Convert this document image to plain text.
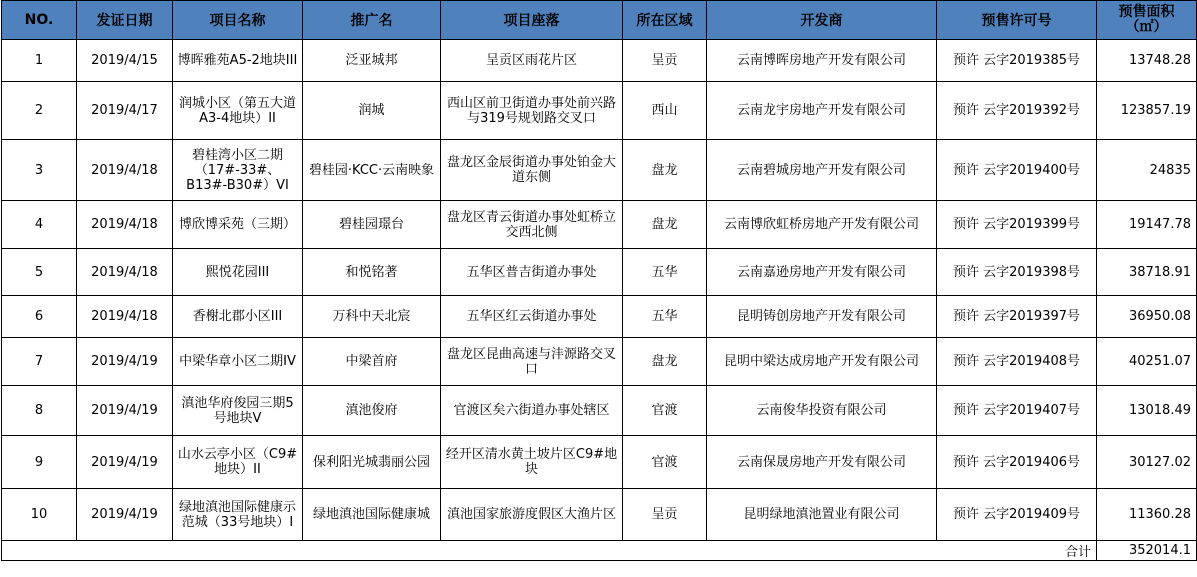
NO.	发证日期	项目名称	推广名	项目座落	所在区域	开发商	预售许可号	预售面积
（㎡）
1	2019/4/15	博晖雅苑A5-2地块III	泛亚城邦	呈贡区雨花片区	呈贡	云南博晖房地产开发有限公司	预许 云字2019385号	13748.28
2	2019/4/17	润城小区（第五大道A3-4地块）II	润城	西山区前卫街道办事处前兴路与319号规划路交叉口	西山	云南龙宇房地产开发有限公司	预许 云字2019392号	123857.19
3	2019/4/18	碧桂湾小区二期（17#-33#、B13#-B30#）VI	碧桂园·KCC·云南映象	盘龙区金辰街道办事处铂金大道东侧	盘龙	云南碧城房地产开发有限公司	预许 云字2019400号	24835
4	2019/4/18	博欣博采苑（三期）	碧桂园璟台	盘龙区青云街道办事处虹桥立交西北侧	盘龙	云南博欣虹桥房地产开发有限公司	预许 云字2019399号	19147.78
5	2019/4/18	熙悦花园III	和悦铭著	五华区普吉街道办事处	五华	云南嘉逊房地产开发有限公司	预许 云字2019398号	38718.91
6	2019/4/18	香榭北郡小区III	万科中天北宸	五华区红云街道办事处	五华	昆明铸创房地产开发有限公司	预许 云字2019397号	36950.08
7	2019/4/19	中梁华章小区二期IV	中梁首府	盘龙区昆曲高速与沣源路交叉口	盘龙	昆明中梁达成房地产开发有限公司	预许 云字2019408号	40251.07
8	2019/4/19	滇池华府俊园三期5号地块V	滇池俊府	官渡区矣六街道办事处辖区	官渡	云南俊华投资有限公司	预许 云字2019407号	13018.49
9	2019/4/19	山水云亭小区（C9#地块）II	保利阳光城翡丽公园	经开区清水黄土坡片区C9#地块	官渡	云南保晟房地产开发有限公司	预许 云字2019406号	30127.02
10	2019/4/19	绿地滇池国际健康示范城（33号地块）I	绿地滇池国际健康城	滇池国家旅游度假区大渔片区	呈贡	昆明绿地滇池置业有限公司	预许 云字2019409号	11360.28
							合计	352014.1
